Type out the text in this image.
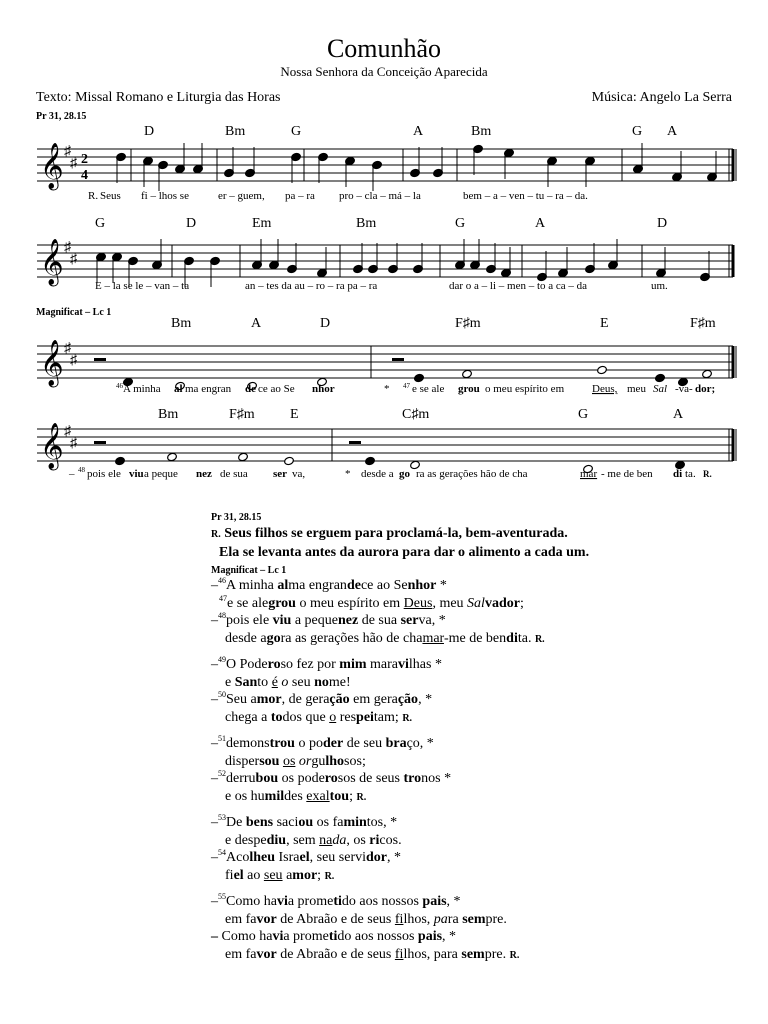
Comunhão
Nossa Senhora da Conceição Aparecida
Texto: Missal Romano e Liturgia das Horas	Música: Angelo La Serra
Pr 31, 28.15
Magnificat – Lc 1
𝄞 ♯
♯ 2
4
D	Bm	G	A	Bm	G A
R. Seus fi – lhos se	er – guem, pa – ra pro – cla – má – la	bem – a – ven – tu – ra – da.
𝄞 ♯
♯
G	D	Em	Bm	G	A	D
E – la se le – van – ta	an – tes da au – ro – ra pa – ra	dar o a – li – men – to a ca – da	um.
𝄞 ♯
♯
Bm	A	D	F♯m	E	F♯m
46 A minha al ma engran de ce ao Se nhor	* 47 e se ale grou o meu espírito em	Deus, meu Sal -va- dor;
𝄞 ♯
♯
Bm	F♯m	E	C♯m	G	A
– 48 pois ele viu a peque nez de sua ser va,	* desde a go ra as gerações hão de cha	mar - me de ben di ta. R.
Pr 31, 28.15
R. Seus filhos se erguem para proclamá-la, bem-aventurada.
Ela se levanta antes da aurora para dar o alimento a cada um.
Magnificat – Lc 1
–$^{46}$A minha alma engrandece ao Senhor *
$^{47}$e se alegrou o meu espírito em Deus, meu Salvador;
–$^{48}$pois ele viu a pequenez de sua serva, *
desde agora as gerações hão de chamar-me de bendita. R.
–$^{49}$O Poderoso fez por mim maravilhas *
e Santo é o seu nome!
–$^{50}$Seu amor, de geração em geração, *
chega a todos que o respeitam; R.
–$^{51}$demonstrou o poder de seu braço, *
dispersou os orgulhosos;
–$^{52}$derrubou os poderosos de seus tronos *
e os humildes exaltou; R.
–$^{53}$De bens saciou os famintos, *
e despediu, sem nada, os ricos.
–$^{54}$Acolheu Israel, seu servidor, *
fiel ao seu amor; R.
–$^{55}$Como havia prometido aos nossos pais, *
em favor de Abraão e de seus filhos, para sempre.
– Como havia prometido aos nossos pais, *
em favor de Abraão e de seus filhos, para sempre. R.
